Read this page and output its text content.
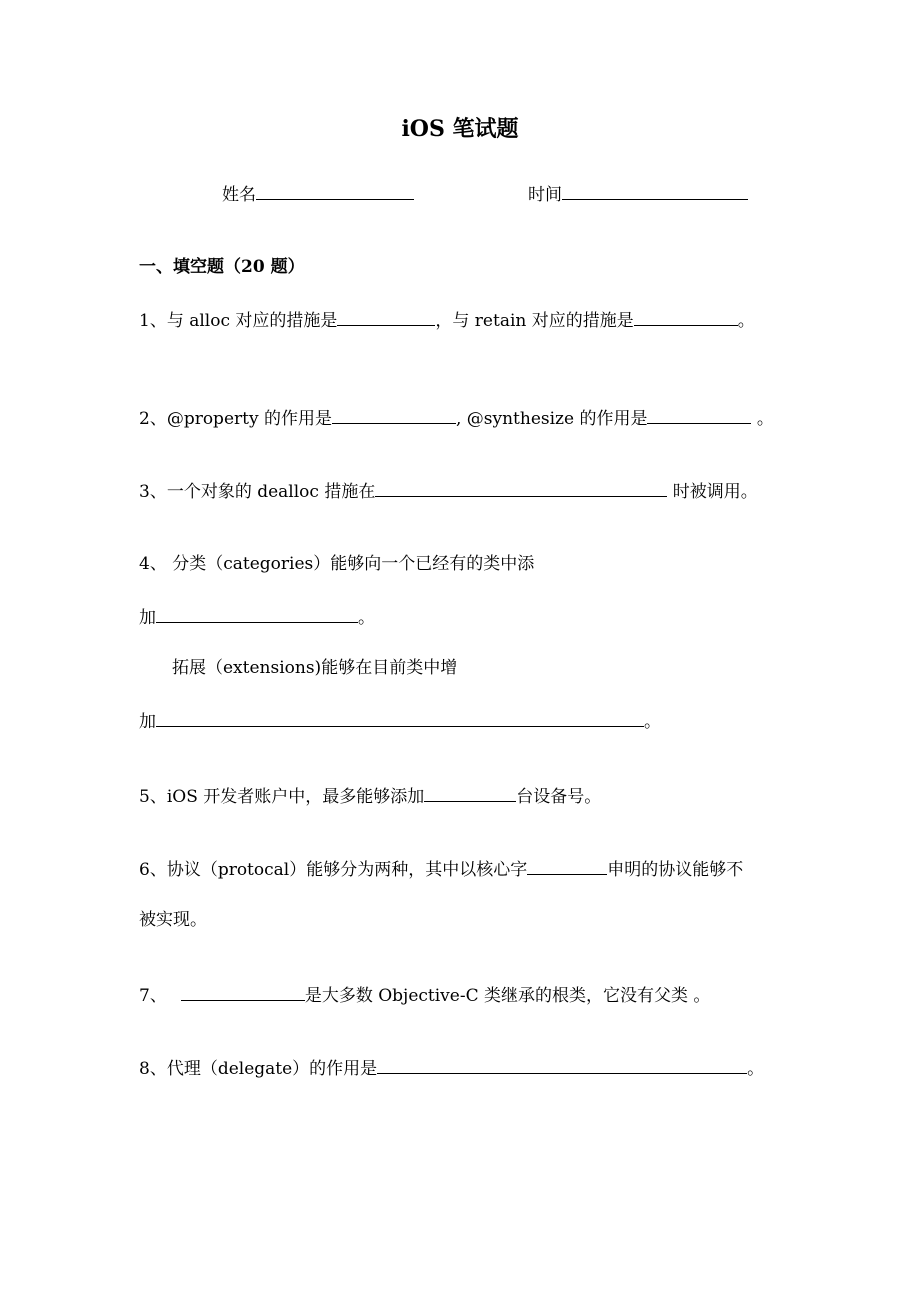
iOS 笔试题
姓名	时间
一、填空题（20 题）
1、与 alloc 对应的措施是	，与 retain 对应的措施是	。
2、@property 的作用是	, @synthesize 的作用是	。
3、一个对象的 dealloc 措施在	时被调用。
4、 分类（categories）能够向一个已经有的类中添
加	。
拓展（extensions)能够在目前类中增
加	。
5、iOS 开发者账户中，最多能够添加	台设备号。
6、协议（protocal）能够分为两种，其中以核心字	申明的协议能够不
被实现。
7、	是大多数 Objective-C 类继承的根类，它没有父类 。
8、代理（delegate）的作用是	。
